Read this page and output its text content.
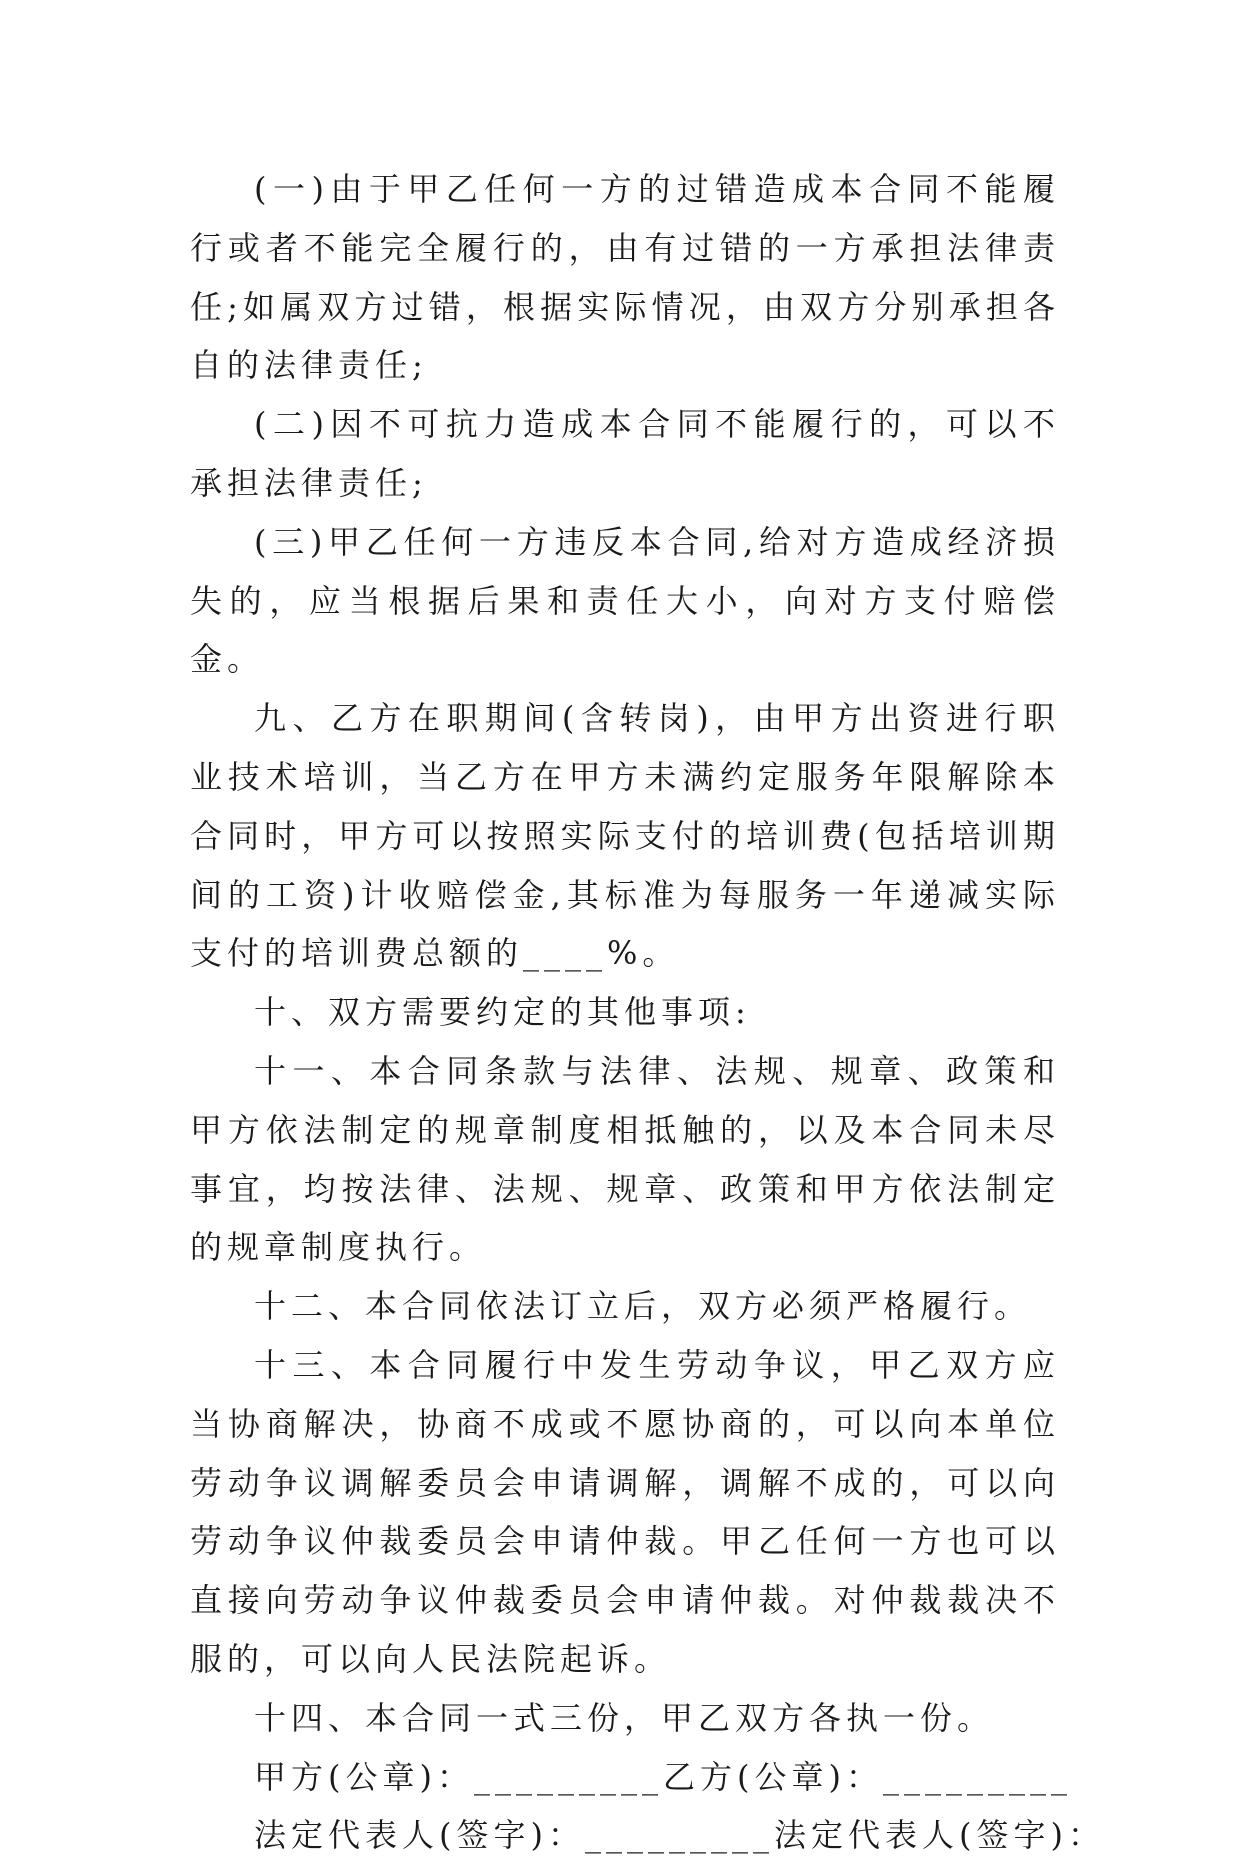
(一)由于甲乙任何一方的过错造成本合同不能履行或者不能完全履行的，由有过错的一方承担法律责任;如属双方过错，根据实际情况，由双方分别承担各自的法律责任;

(二)因不可抗力造成本合同不能履行的，可以不承担法律责任;

(三)甲乙任何一方违反本合同,给对方造成经济损失的，应当根据后果和责任大小，向对方支付赔偿金。

九、乙方在职期间(含转岗)，由甲方出资进行职业技术培训，当乙方在甲方未满约定服务年限解除本合同时，甲方可以按照实际支付的培训费(包括培训期间的工资)计收赔偿金,其标准为每服务一年递减实际支付的培训费总额的____%。

十、双方需要约定的其他事项:

十一、本合同条款与法律、法规、规章、政策和甲方依法制定的规章制度相抵触的，以及本合同未尽事宜，均按法律、法规、规章、政策和甲方依法制定的规章制度执行。

十二、本合同依法订立后，双方必须严格履行。

十三、本合同履行中发生劳动争议，甲乙双方应当协商解决，协商不成或不愿协商的，可以向本单位劳动争议调解委员会申请调解，调解不成的，可以向劳动争议仲裁委员会申请仲裁。甲乙任何一方也可以直接向劳动争议仲裁委员会申请仲裁。对仲裁裁决不服的，可以向人民法院起诉。

十四、本合同一式三份，甲乙双方各执一份。

甲方(公章)：_________乙方(公章)：_________

法定代表人(签字)：_________法定代表人(签字)：
